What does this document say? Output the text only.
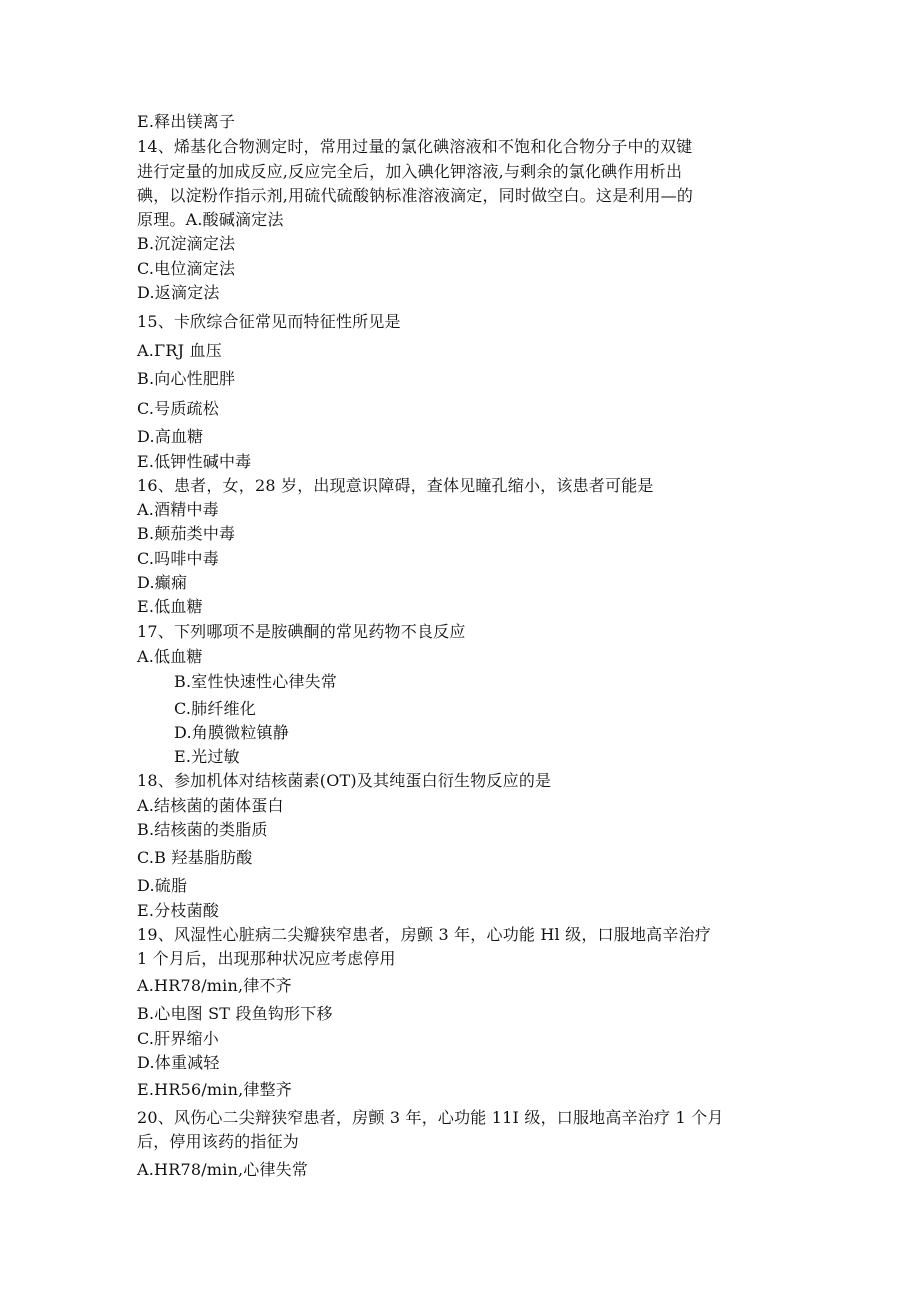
E.释出镁离子
14、烯基化合物测定时，常用过量的氯化碘溶液和不饱和化合物分子中的双键
进行定量的加成反应,反应完全后，加入碘化钾溶液,与剩余的氯化碘作用析出
碘，以淀粉作指示剂,用硫代硫酸钠标准溶液滴定，同时做空白。这是利用—的
原理。A.酸碱滴定法
B.沉淀滴定法
C.电位滴定法
D.返滴定法
15、卡欣综合征常见而特征性所见是
A.ΓRJ 血压
B.向心性肥胖
C.号质疏松
D.高血糖
E.低钾性碱中毒
16、患者，女，28 岁，出现意识障碍，查体见瞳孔缩小，该患者可能是
A.酒精中毒
B.颠茄类中毒
C.吗啡中毒
D.癫痫
E.低血糖
17、下列哪项不是胺碘酮的常见药物不良反应
A.低血糖
B.室性快速性心律失常
C.肺纤维化
D.角膜微粒镇静
E.光过敏
18、参加机体对结核菌素(OT)及其纯蛋白衍生物反应的是
A.结核菌的菌体蛋白
B.结核菌的类脂质
C.B 羟基脂肪酸
D.硫脂
E.分枝菌酸
19、风湿性心脏病二尖瓣狭窄患者，房颤 3 年，心功能 Hl 级，口服地高辛治疗
1 个月后，出现那种状况应考虑停用
A.HR78∕min,律不齐
B.心电图 ST 段鱼钩形下移
C.肝界缩小
D.体重减轻
E.HR56∕min,律整齐
20、风伤心二尖辩狭窄患者，房颤 3 年，心功能 11I 级，口服地高辛治疗 1 个月
后，停用该药的指征为
A.HR78∕min,心律失常
